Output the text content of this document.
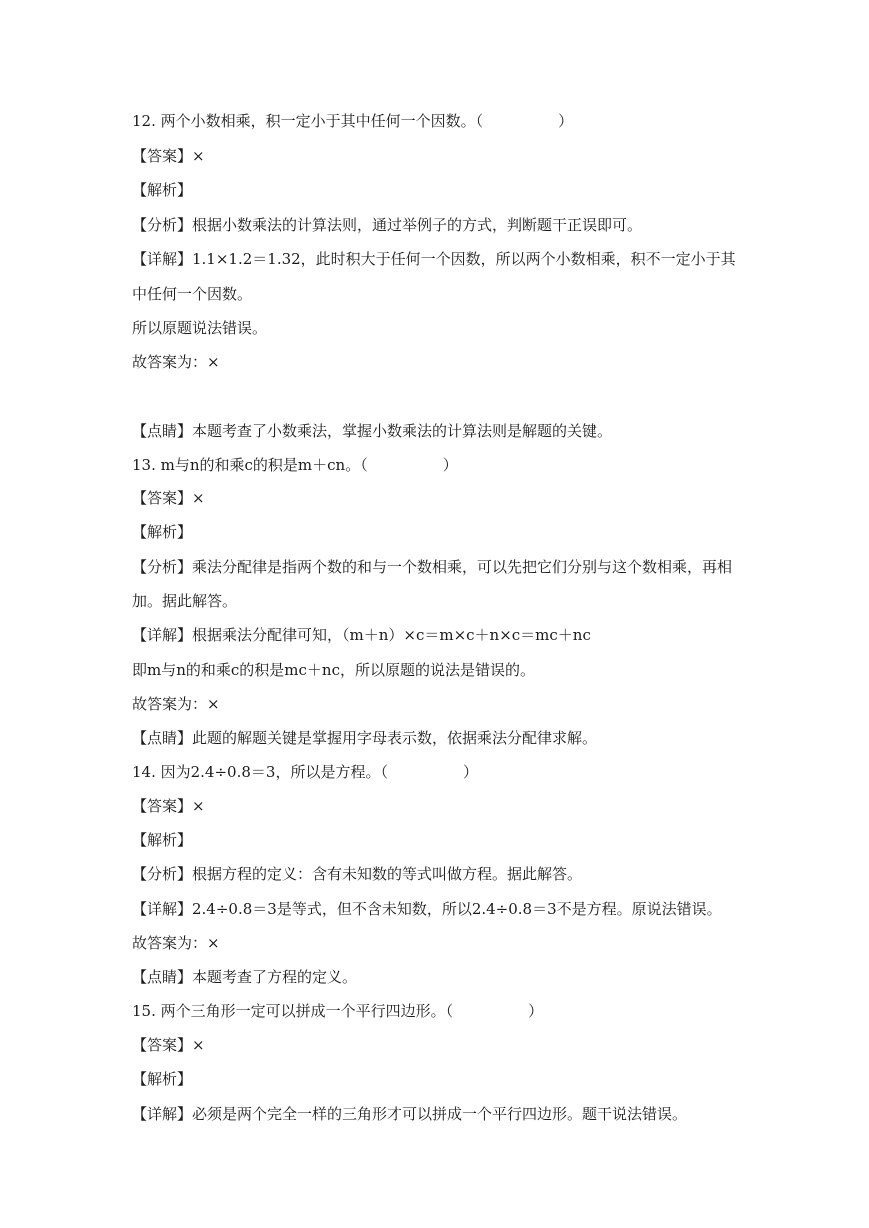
12. 两个小数相乘，积一定小于其中任何一个因数。（　　　　　）
【答案】×
【解析】
【分析】根据小数乘法的计算法则，通过举例子的方式，判断题干正误即可。
【详解】1.1×1.2＝1.32，此时积大于任何一个因数，所以两个小数相乘，积不一定小于其
中任何一个因数。
所以原题说法错误。
故答案为：×
【点睛】本题考查了小数乘法，掌握小数乘法的计算法则是解题的关键。
13. m与n的和乘c的积是m＋cn。（　　　　　）
【答案】×
【解析】
【分析】乘法分配律是指两个数的和与一个数相乘，可以先把它们分别与这个数相乘，再相
加。据此解答。
【详解】根据乘法分配律可知，（m＋n）×c＝m×c＋n×c＝mc＋nc
即m与n的和乘c的积是mc＋nc，所以原题的说法是错误的。
故答案为：×
【点睛】此题的解题关键是掌握用字母表示数，依据乘法分配律求解。
14. 因为2.4÷0.8＝3，所以是方程。（　　　　　）
【答案】×
【解析】
【分析】根据方程的定义：含有未知数的等式叫做方程。据此解答。
【详解】2.4÷0.8＝3是等式，但不含未知数，所以2.4÷0.8＝3不是方程。原说法错误。
故答案为：×
【点睛】本题考查了方程的定义。
15. 两个三角形一定可以拼成一个平行四边形。（　　　　　）
【答案】×
【解析】
【详解】必须是两个完全一样的三角形才可以拼成一个平行四边形。题干说法错误。
